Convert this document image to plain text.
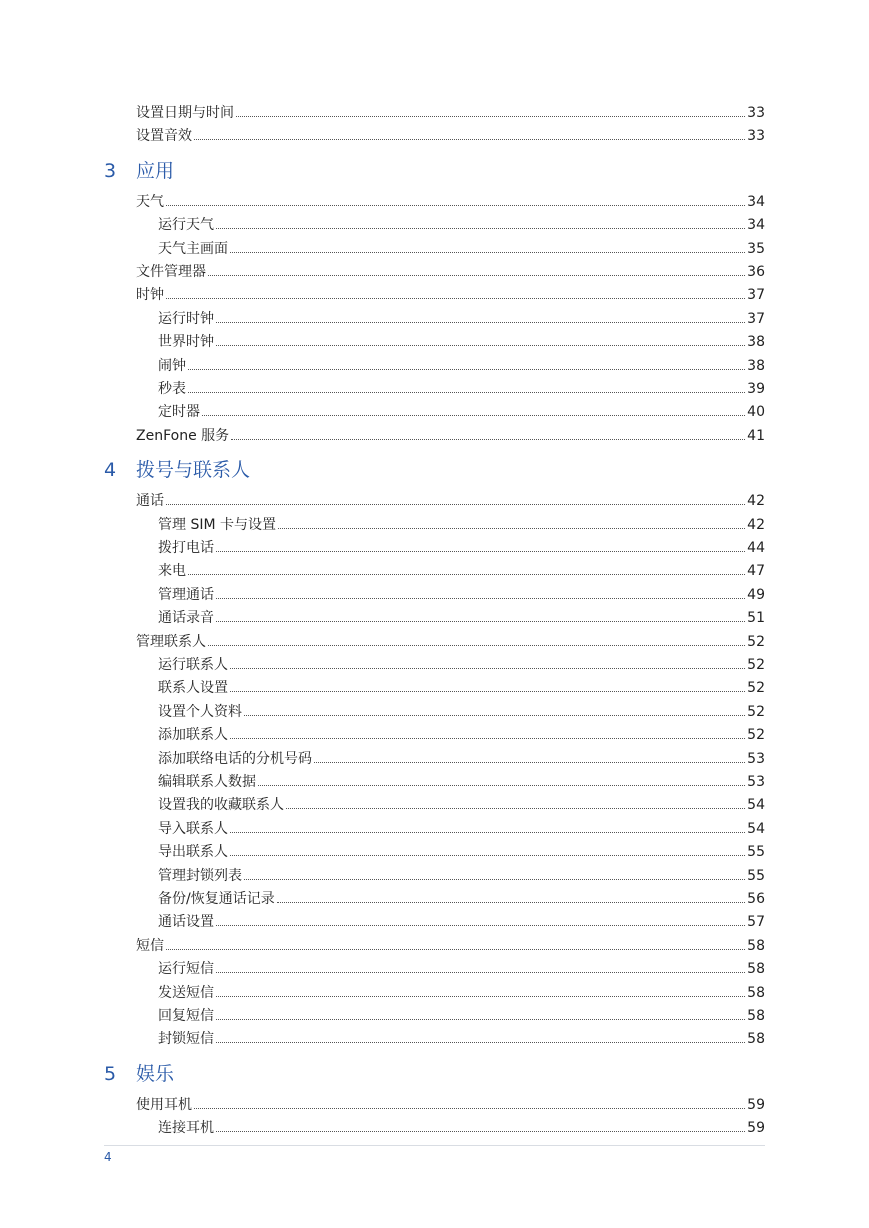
设置日期与时间	33
设置音效	33
3 应用
天气	34
运行天气	34
天气主画面	35
文件管理器	36
时钟	37
运行时钟	37
世界时钟	38
闹钟	38
秒表	39
定时器	40
ZenFone 服务	41
4 拨号与联系人
通话	42
管理 SIM 卡与设置	42
拨打电话	44
来电	47
管理通话	49
通话录音	51
管理联系人	52
运行联系人	52
联系人设置	52
设置个人资料	52
添加联系人	52
添加联络电话的分机号码	53
编辑联系人数据	53
设置我的收藏联系人	54
导入联系人	54
导出联系人	55
管理封锁列表	55
备份/恢复通话记录	56
通话设置	57
短信	58
运行短信	58
发送短信	58
回复短信	58
封锁短信	58
5 娱乐
使用耳机	59
连接耳机	59
4
